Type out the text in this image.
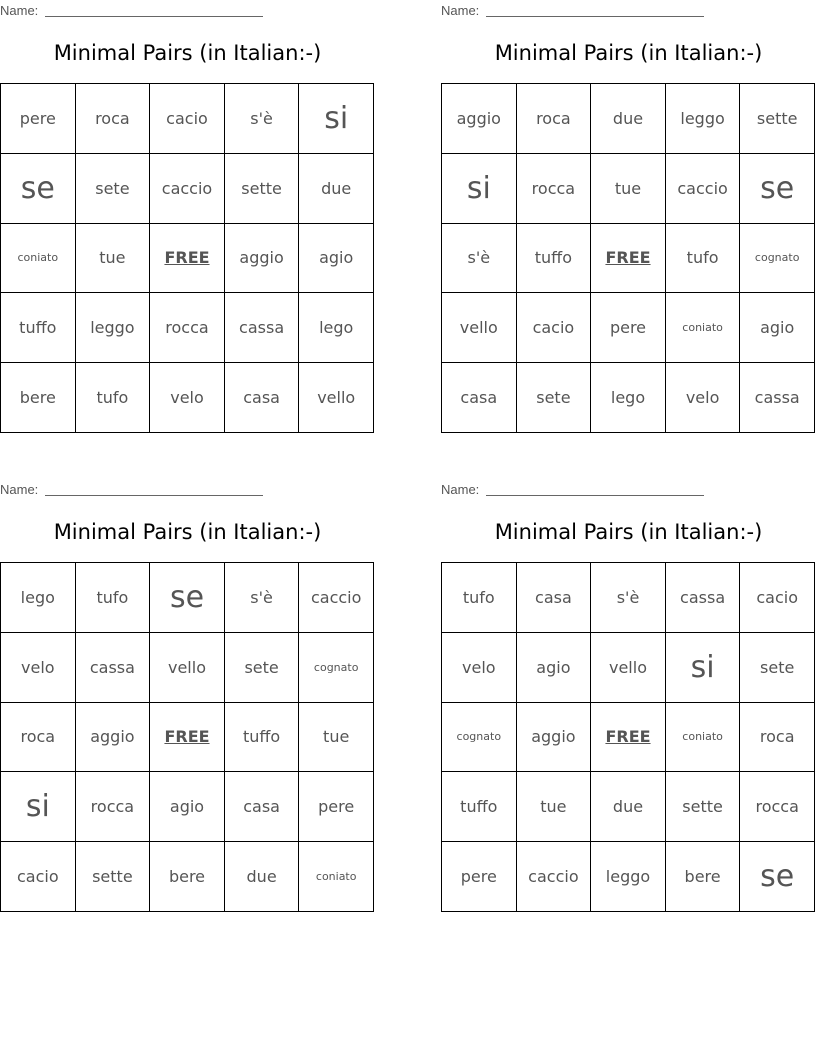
Name:
Minimal Pairs (in Italian:-)
pere	roca	cacio	s'è	si
se	sete	caccio	sette	due
coniato	tue	FREE	aggio	agio
tuffo	leggo	rocca	cassa	lego
bere	tufo	velo	casa	vello
Name:
Minimal Pairs (in Italian:-)
aggio	roca	due	leggo	sette
si	rocca	tue	caccio	se
s'è	tuffo	FREE	tufo	cognato
vello	cacio	pere	coniato	agio
casa	sete	lego	velo	cassa
Name:
Minimal Pairs (in Italian:-)
lego	tufo	se	s'è	caccio
velo	cassa	vello	sete	cognato
roca	aggio	FREE	tuffo	tue
si	rocca	agio	casa	pere
cacio	sette	bere	due	coniato
Name:
Minimal Pairs (in Italian:-)
tufo	casa	s'è	cassa	cacio
velo	agio	vello	si	sete
cognato	aggio	FREE	coniato	roca
tuffo	tue	due	sette	rocca
pere	caccio	leggo	bere	se
